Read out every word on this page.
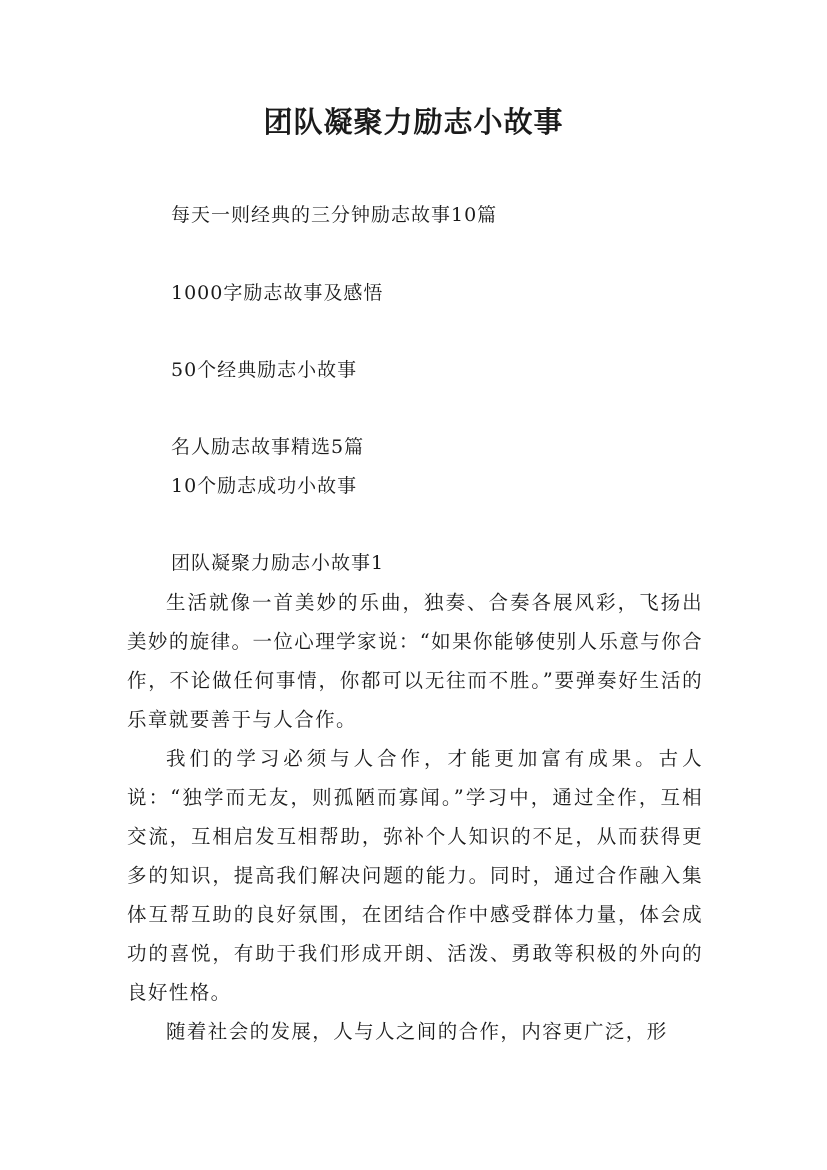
团队凝聚力励志小故事

每天一则经典的三分钟励志故事10篇

1000字励志故事及感悟

50个经典励志小故事

名人励志故事精选5篇

10个励志成功小故事

团队凝聚力励志小故事1

生活就像一首美妙的乐曲，独奏、合奏各展风彩，飞扬出美妙的旋律。一位心理学家说：“如果你能够使别人乐意与你合作，不论做任何事情，你都可以无往而不胜。”要弹奏好生活的乐章就要善于与人合作。

我们的学习必须与人合作，才能更加富有成果。古人说：“独学而无友，则孤陋而寡闻。”学习中，通过全作，互相交流，互相启发互相帮助，弥补个人知识的不足，从而获得更多的知识，提高我们解决问题的能力。同时，通过合作融入集体互帮互助的良好氛围，在团结合作中感受群体力量，体会成功的喜悦，有助于我们形成开朗、活泼、勇敢等积极的外向的良好性格。

随着社会的发展，人与人之间的合作，内容更广泛，形
